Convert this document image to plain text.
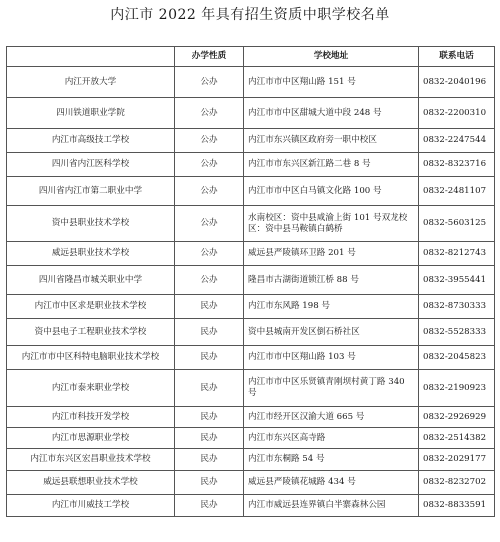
内江市 2022 年具有招生资质中职学校名单
	办学性质	学校地址	联系电话
内江开放大学	公办	内江市市中区翔山路 151 号	0832-2040196
四川铁道职业学院	公办	内江市市中区甜城大道中段 248 号	0832-2200310
内江市高级技工学校	公办	内江市东兴镇区政府旁一职中校区	0832-2247544
四川省内江医科学校	公办	内江市市东兴区新江路二巷 8 号	0832-8323716
四川省内江市第二职业中学	公办	内江市市中区白马镇文化路 100 号	0832-2481107
资中县职业技术学校	公办	水南校区：资中县咸渝上街 101 号双龙校区：资中县马鞍镇白鹤桥	0832-5603125
威远县职业技术学校	公办	威远县严陵镇环卫路 201 号	0832-8212743
四川省隆昌市城关职业中学	公办	隆昌市古湖街道锁江桥 88 号	0832-3955441
内江市中区求是职业技术学校	民办	内江市东风路 198 号	0832-8730333
资中县电子工程职业技术学校	民办	资中县城南开发区倒石桥社区	0832-5528333
内江市市中区科特电脑职业技术学校	民办	内江市市中区翔山路 103 号	0832-2045823
内江市泰来职业学校	民办	内江市市中区乐贤镇青刚坝村黄丁路 340 号	0832-2190923
内江市科技开发学校	民办	内江市经开区汉渝大道 665 号	0832-2926929
内江市思源职业学校	民办	内江市东兴区高寺路	0832-2514382
内江市东兴区宏昌职业技术学校	民办	内江市东桐路 54 号	0832-2029177
威远县联想职业技术学校	民办	威远县严陵镇花城路 434 号	0832-8232702
内江市川威技工学校	民办	内江市威远县连界镇白半寨森林公园	0832-8833591
